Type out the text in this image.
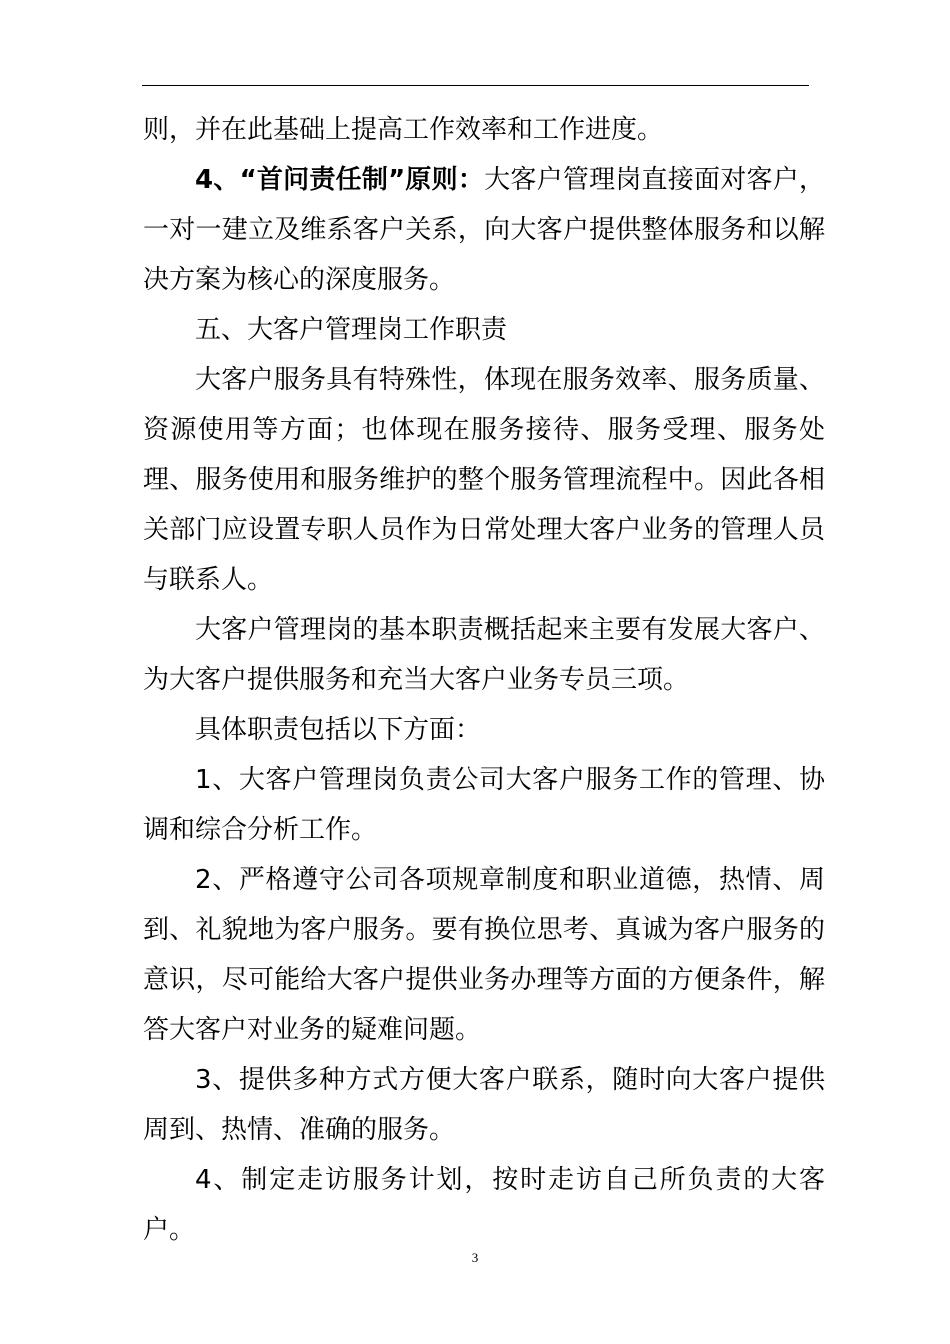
则，并在此基础上提高工作效率和工作进度。

4、“首问责任制”原则：大客户管理岗直接面对客户，一对一建立及维系客户关系，向大客户提供整体服务和以解决方案为核心的深度服务。

五、大客户管理岗工作职责

大客户服务具有特殊性，体现在服务效率、服务质量、资源使用等方面；也体现在服务接待、服务受理、服务处理、服务使用和服务维护的整个服务管理流程中。因此各相关部门应设置专职人员作为日常处理大客户业务的管理人员与联系人。

大客户管理岗的基本职责概括起来主要有发展大客户、为大客户提供服务和充当大客户业务专员三项。

具体职责包括以下方面：

1、大客户管理岗负责公司大客户服务工作的管理、协调和综合分析工作。

2、严格遵守公司各项规章制度和职业道德，热情、周到、礼貌地为客户服务。要有换位思考、真诚为客户服务的意识，尽可能给大客户提供业务办理等方面的方便条件，解答大客户对业务的疑难问题。

3、提供多种方式方便大客户联系，随时向大客户提供周到、热情、准确的服务。

4、制定走访服务计划，按时走访自己所负责的大客户。

3
